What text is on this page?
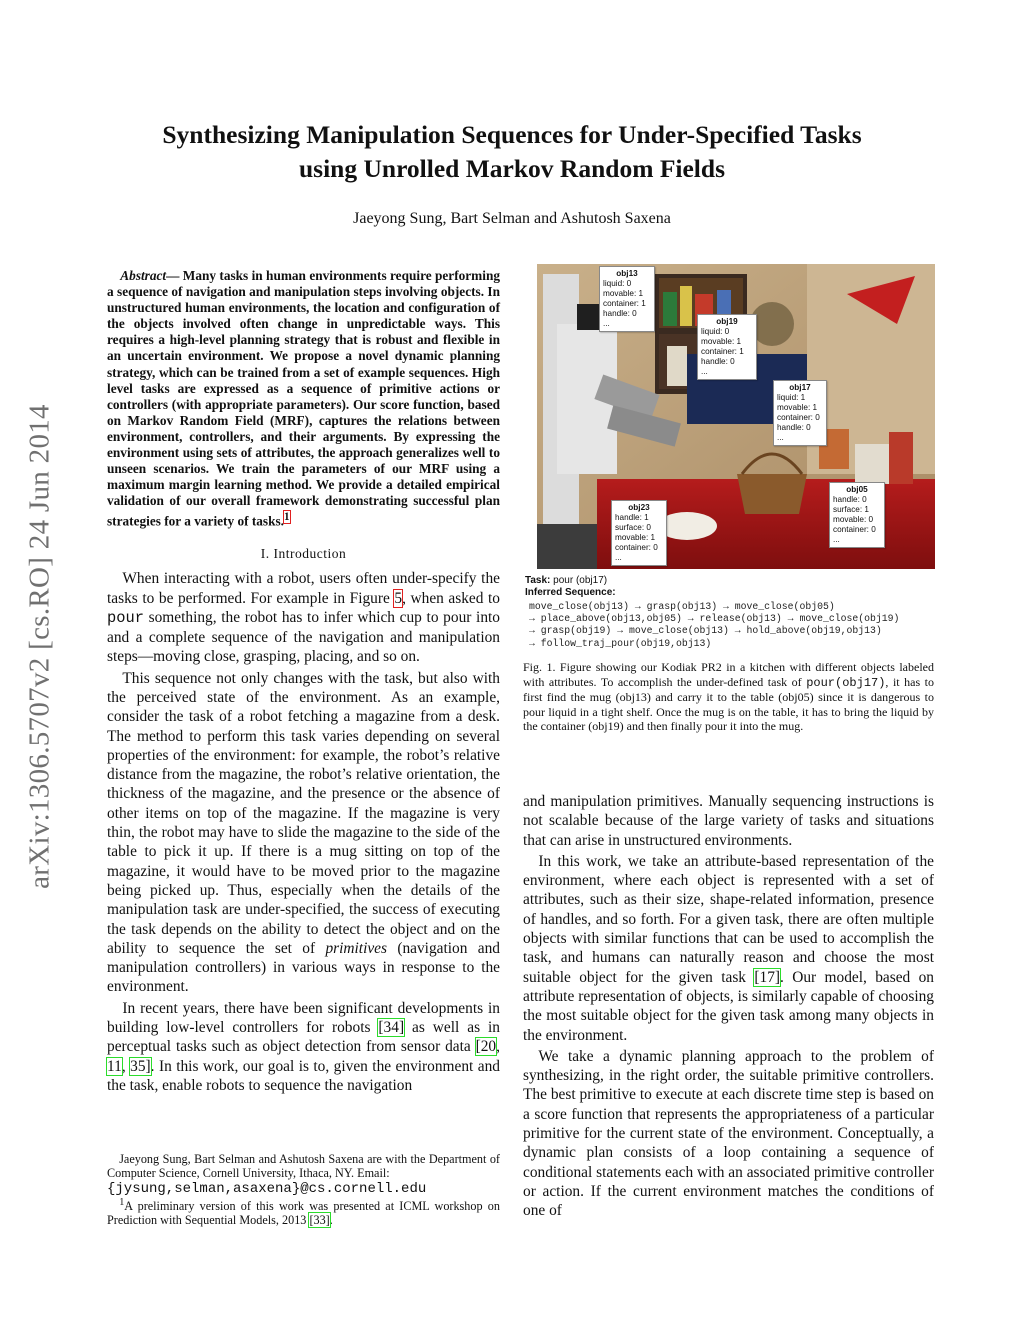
arXiv:1306.5707v2 [cs.RO] 24 Jun 2014
Synthesizing Manipulation Sequences for Under-Specified Tasks
using Unrolled Markov Random Fields
Jaeyong Sung, Bart Selman and Ashutosh Saxena
Abstract— Many tasks in human environments require performing a sequence of navigation and manipulation steps involving objects. In unstructured human environments, the location and configuration of the objects involved often change in unpredictable ways. This requires a high-level planning strategy that is robust and flexible in an uncertain environment. We propose a novel dynamic planning strategy, which can be trained from a set of example sequences. High level tasks are expressed as a sequence of primitive actions or controllers (with appropriate parameters). Our score function, based on Markov Random Field (MRF), captures the relations between environment, controllers, and their arguments. By expressing the environment using sets of attributes, the approach generalizes well to unseen scenarios. We train the parameters of our MRF using a maximum margin learning method. We provide a detailed empirical validation of our overall framework demonstrating successful plan strategies for a variety of tasks.$^1$
I. Introduction

When interacting with a robot, users often under-specify the tasks to be performed. For example in Figure 5, when asked to pour something, the robot has to infer which cup to pour into and a complete sequence of the navigation and manipulation steps—moving close, grasping, placing, and so on.

This sequence not only changes with the task, but also with the perceived state of the environment. As an example, consider the task of a robot fetching a magazine from a desk. The method to perform this task varies depending on several properties of the environment: for example, the robot’s relative distance from the magazine, the robot’s relative orientation, the thickness of the magazine, and the presence or the absence of other items on top of the magazine. If the magazine is very thin, the robot may have to slide the magazine to the side of the table to pick it up. If there is a mug sitting on top of the magazine, it would have to be moved prior to the magazine being picked up. Thus, especially when the details of the manipulation task are under-specified, the success of executing the task depends on the ability to detect the object and on the ability to sequence the set of primitives (navigation and manipulation controllers) in various ways in response to the environment.

In recent years, there have been significant developments in building low-level controllers for robots [34] as well as in perceptual tasks such as object detection from sensor data [20, 11, 35]. In this work, our goal is to, given the environment and the task, enable robots to sequence the navigation

Jaeyong Sung, Bart Selman and Ashutosh Saxena are with the Department of Computer Science, Cornell University, Ithaca, NY. Email:
{jysung,selman,asaxena}@cs.cornell.edu

$^1$A preliminary version of this work was presented at ICML workshop on Prediction with Sequential Models, 2013 [33].

obj13
liquid: 0
movable: 1
container: 1
handle: 0
...	obj19
liquid: 0
movable: 1
container: 1
handle: 0
...
obj17
liquid: 1
movable: 1
container: 0
handle: 0
...
obj23
handle: 1
surface: 0
movable: 1
container: 0
...
obj05
handle: 0
surface: 1
movable: 0
container: 0
...
Task: pour (obj17)
Inferred Sequence:
move_close(obj13) → grasp(obj13) → move_close(obj05)
→ place_above(obj13,obj05) → release(obj13) → move_close(obj19)
→ grasp(obj19) → move_close(obj13) → hold_above(obj19,obj13)
→ follow_traj_pour(obj19,obj13)
Fig. 1. Figure showing our Kodiak PR2 in a kitchen with different objects labeled with attributes. To accomplish the under-defined task of pour(obj17), it has to first find the mug (obj13) and carry it to the table (obj05) since it is dangerous to pour liquid in a tight shelf. Once the mug is on the table, it has to bring the liquid by the container (obj19) and then finally pour it into the mug.

and manipulation primitives. Manually sequencing instructions is not scalable because of the large variety of tasks and situations that can arise in unstructured environments.

In this work, we take an attribute-based representation of the environment, where each object is represented with a set of attributes, such as their size, shape-related information, presence of handles, and so forth. For a given task, there are often multiple objects with similar functions that can be used to accomplish the task, and humans can naturally reason and choose the most suitable object for the given task [17]. Our model, based on attribute representation of objects, is similarly capable of choosing the most suitable object for the given task among many objects in the environment.

We take a dynamic planning approach to the problem of synthesizing, in the right order, the suitable primitive controllers. The best primitive to execute at each discrete time step is based on a score function that represents the appropriateness of a particular primitive for the current state of the environment. Conceptually, a dynamic plan consists of a loop containing a sequence of conditional statements each with an associated primitive controller or action. If the current environment matches the conditions of one of
